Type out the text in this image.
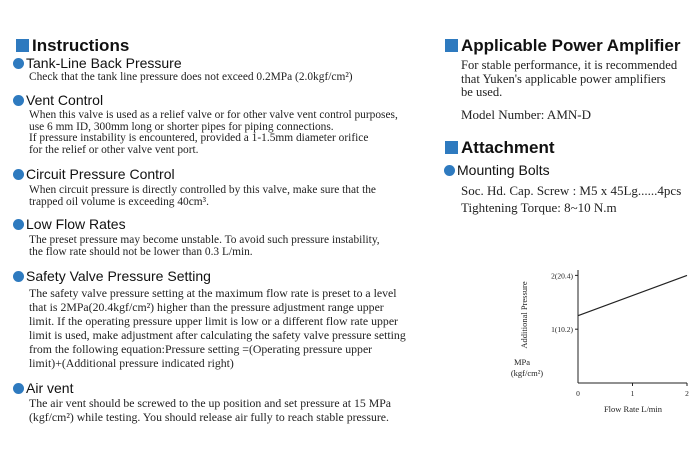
Instructions
Tank-Line Back Pressure
Check that the tank line pressure does not exceed 0.2MPa (2.0kgf/cm²)
Vent Control
When this valve is used as a relief valve or for other valve vent control purposes,
use 6 mm ID, 300mm long or shorter pipes for piping connections.
If pressure instability is encountered, provided a 1-1.5mm diameter orifice
for the relief or other valve vent port.
Circuit Pressure Control
When circuit pressure is directly controlled by this valve, make sure that the
trapped oil volume is exceeding 40cm³.
Low Flow Rates
The preset pressure may become unstable. To avoid such pressure instability,
the flow rate should not be lower than 0.3 L/min.
Safety Valve Pressure Setting
The safety valve pressure setting at the maximum flow rate is preset to a level
that is 2MPa(20.4kgf/cm²) higher than the pressure adjustment range upper
limit. If the operating pressure upper limit is low or a different flow rate upper
limit is used, make adjustment after calculating the safety valve pressure setting
from the following equation:Pressure setting =(Operating pressure upper
limit)+(Additional pressure indicated right)
Air vent
The air vent should be screwed to the up position and set pressure at 15 MPa
(kgf/cm²) while testing. You should release air fully to reach stable pressure.
Applicable Power Amplifier
For stable performance, it is recommended
that Yuken's applicable power amplifiers
be used.
Model Number: AMN-D
Attachment
Mounting Bolts
Soc. Hd. Cap. Screw : M5 x 45Lg......4pcs
Tightening Torque: 8~10 N.m
Additional Pressure
MPa
(kgf/cm²)
1(10.2)
2(20.4)
0	1	2
Flow Rate L/min
